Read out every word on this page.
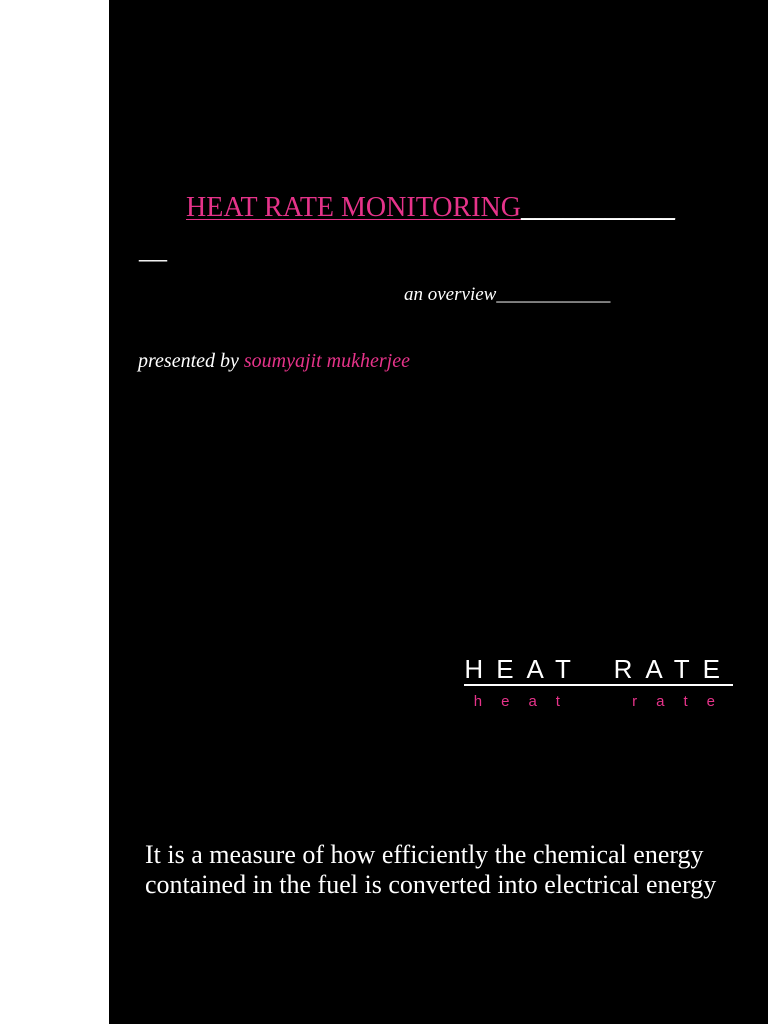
HEAT RATE MONITORING___________
__
an overview____________
presented by soumyajit mukherjee
HEAT RATE
heat rate
It is a measure of how efficiently the chemical energy contained in the fuel is converted into electrical energy
